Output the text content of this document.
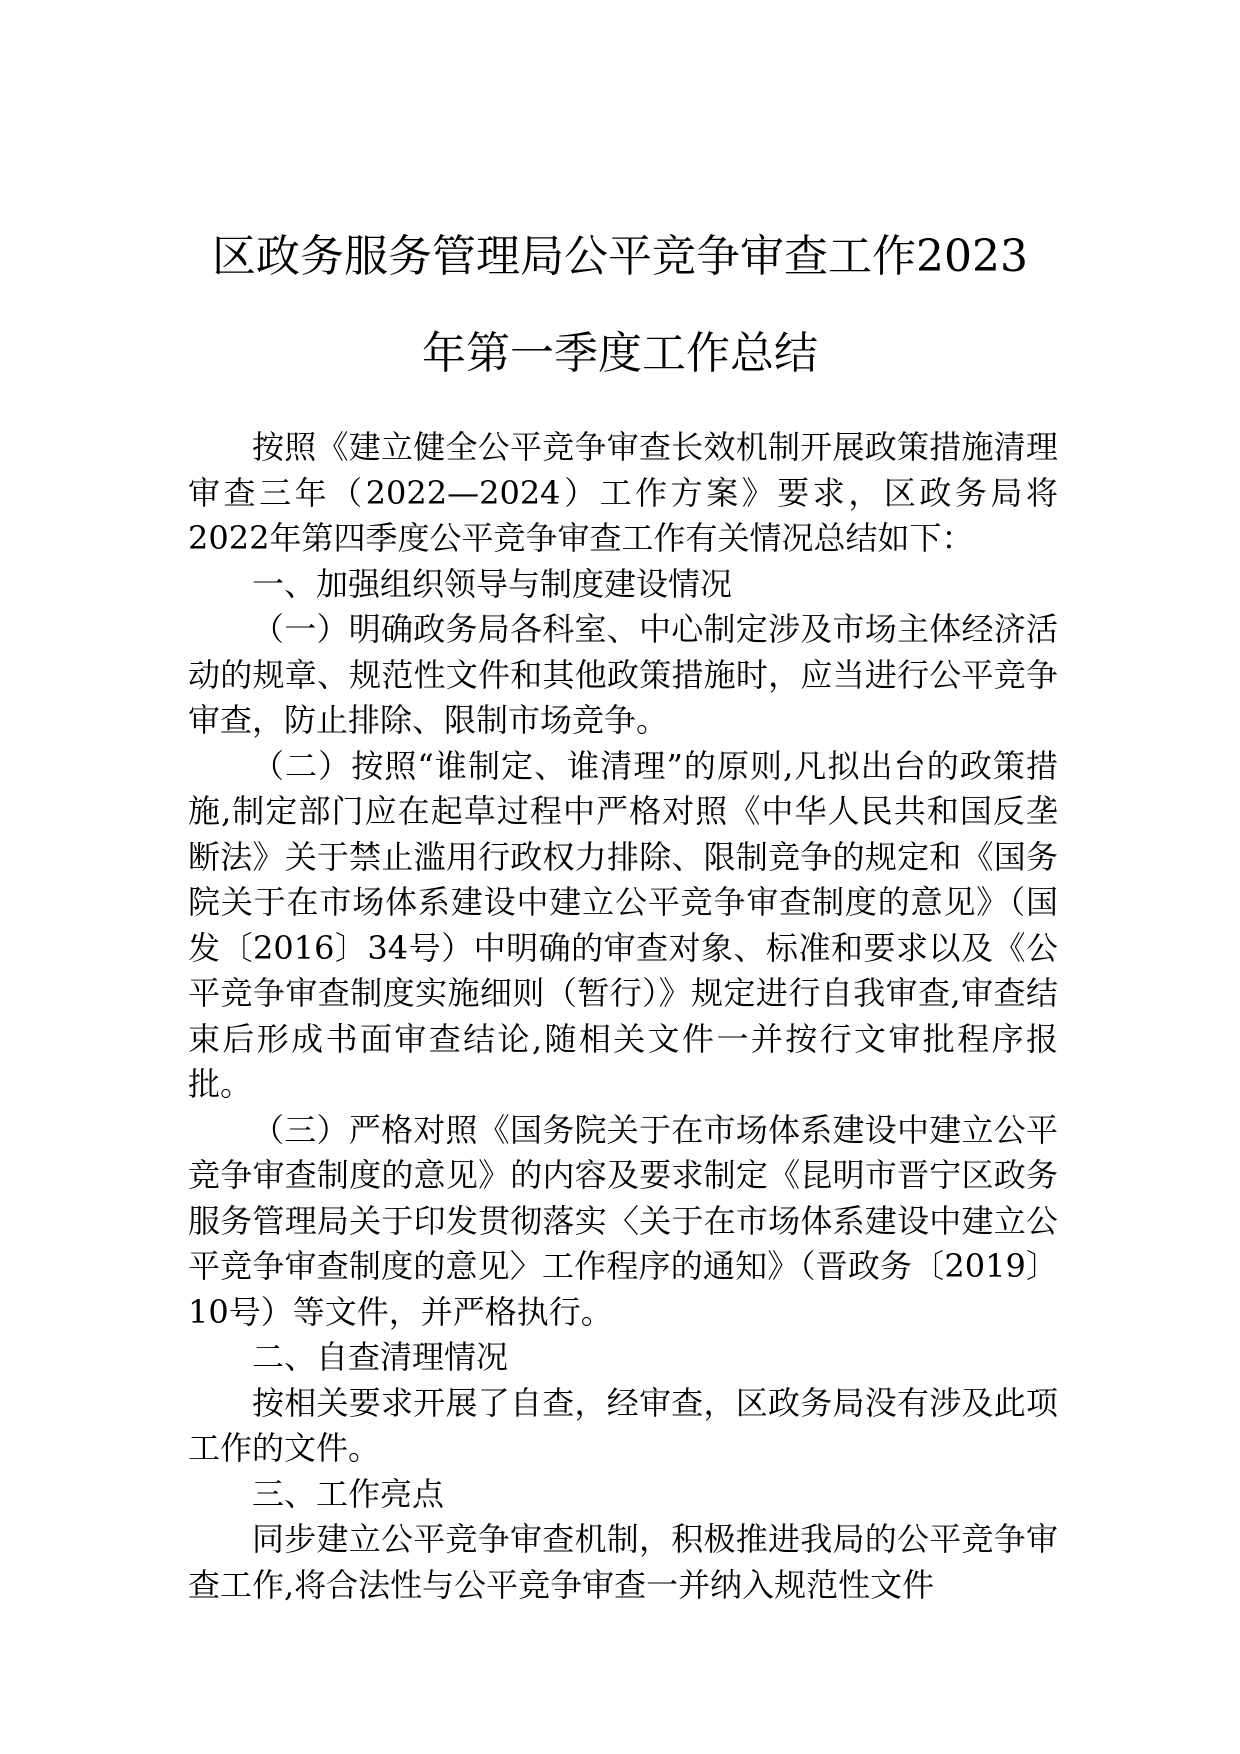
区政务服务管理局公平竞争审查工作2023
年第一季度工作总结

按照《建立健全公平竞争审查长效机制开展政策措施清理审查三年（2022—2024）工作方案》要求，区政务局将2022年第四季度公平竞争审查工作有关情况总结如下：

一、加强组织领导与制度建设情况

（一）明确政务局各科室、中心制定涉及市场主体经济活动的规章、规范性文件和其他政策措施时，应当进行公平竞争审查，防止排除、限制市场竞争。

（二）按照“谁制定、谁清理”的原则,凡拟出台的政策措施,制定部门应在起草过程中严格对照《中华人民共和国反垄断法》关于禁止滥用行政权力排除、限制竞争的规定和《国务院关于在市场体系建设中建立公平竞争审查制度的意见》（国发〔2016〕34号）中明确的审查对象、标准和要求以及《公平竞争审查制度实施细则（暂行）》规定进行自我审查,审查结束后形成书面审查结论,随相关文件一并按行文审批程序报批。

（三）严格对照《国务院关于在市场体系建设中建立公平竞争审查制度的意见》的内容及要求制定《昆明市晋宁区政务服务管理局关于印发贯彻落实〈关于在市场体系建设中建立公平竞争审查制度的意见〉工作程序的通知》（晋政务〔2019〕10号）等文件，并严格执行。

二、自查清理情况

按相关要求开展了自查，经审查，区政务局没有涉及此项工作的文件。

三、工作亮点

同步建立公平竞争审查机制，积极推进我局的公平竞争审查工作,将合法性与公平竞争审查一并纳入规范性文件
